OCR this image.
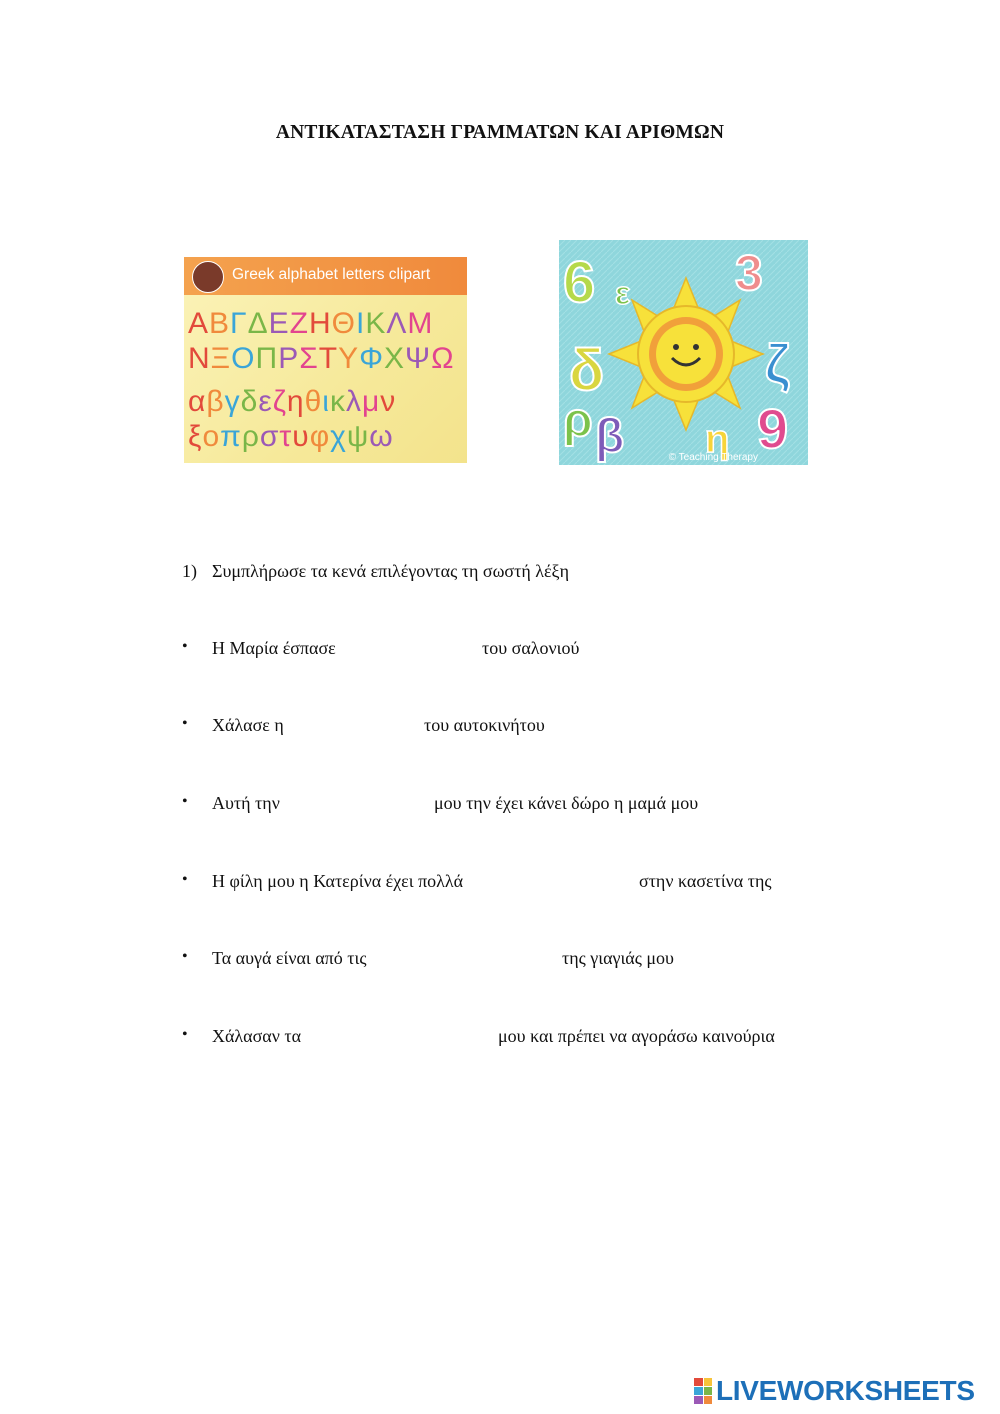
ΑΝΤΙΚΑΤΑΣΤΑΣΗ ΓΡΑΜΜΑΤΩΝ ΚΑΙ ΑΡΙΘΜΩΝ
Greek alphabet letters clipart
ΑΒΓΔΕΖΗΘΙΚΛΜ
ΝΞΟΠΡΣΤΥΦΧΨΩ
αβγδεζηθικλμν
ξοπρστυφχψω
6 ε 3
ζ
δ
ρ β 9
η
© Teaching Therapy
1) Συμπλήρωσε τα κενά επιλέγοντας τη σωστή λέξη
• Η Μαρία έσπασε	του σαλονιού
• Χάλασε η	του αυτοκινήτου
• Αυτή την	μου την έχει κάνει δώρο η μαμά μου
• Η φίλη μου η Κατερίνα έχει πολλά	στην κασετίνα της
• Τα αυγά είναι από τις	της γιαγιάς μου
• Χάλασαν τα	μου και πρέπει να αγοράσω καινούρια
LIVEWORKSHEETS
